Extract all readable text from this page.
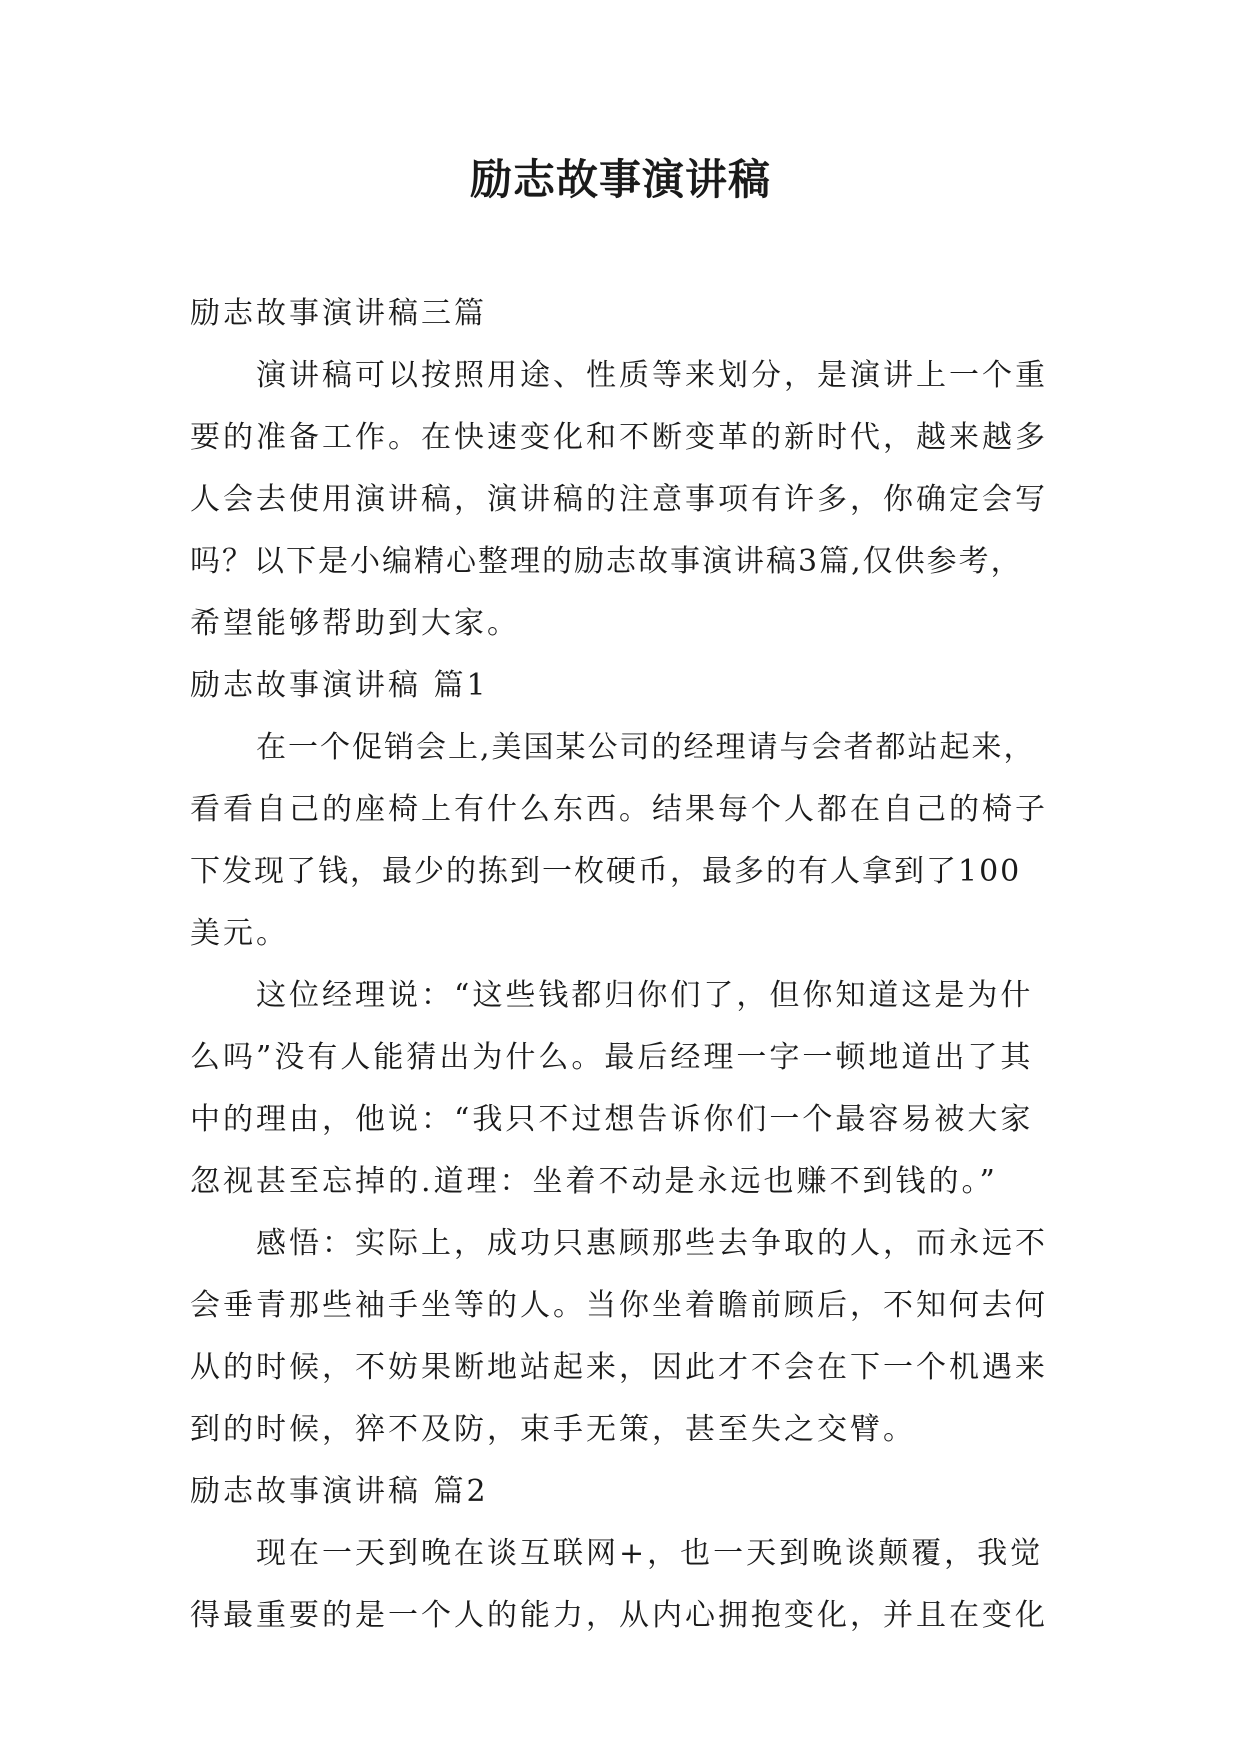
励志故事演讲稿
励志故事演讲稿三篇
演讲稿可以按照用途、性质等来划分，是演讲上一个重
要的准备工作。在快速变化和不断变革的新时代，越来越多
人会去使用演讲稿，演讲稿的注意事项有许多，你确定会写
吗？以下是小编精心整理的励志故事演讲稿3篇,仅供参考，
希望能够帮助到大家。
励志故事演讲稿 篇1
在一个促销会上,美国某公司的经理请与会者都站起来，
看看自己的座椅上有什么东西。结果每个人都在自己的椅子
下发现了钱，最少的拣到一枚硬币，最多的有人拿到了100
美元。
这位经理说：“这些钱都归你们了，但你知道这是为什
么吗”没有人能猜出为什么。最后经理一字一顿地道出了其
中的理由，他说：“我只不过想告诉你们一个最容易被大家
忽视甚至忘掉的.道理：坐着不动是永远也赚不到钱的。”
感悟：实际上，成功只惠顾那些去争取的人，而永远不
会垂青那些袖手坐等的人。当你坐着瞻前顾后，不知何去何
从的时候，不妨果断地站起来，因此才不会在下一个机遇来
到的时候，猝不及防，束手无策，甚至失之交臂。
励志故事演讲稿 篇2
现在一天到晚在谈互联网+，也一天到晚谈颠覆，我觉
得最重要的是一个人的能力，从内心拥抱变化，并且在变化
